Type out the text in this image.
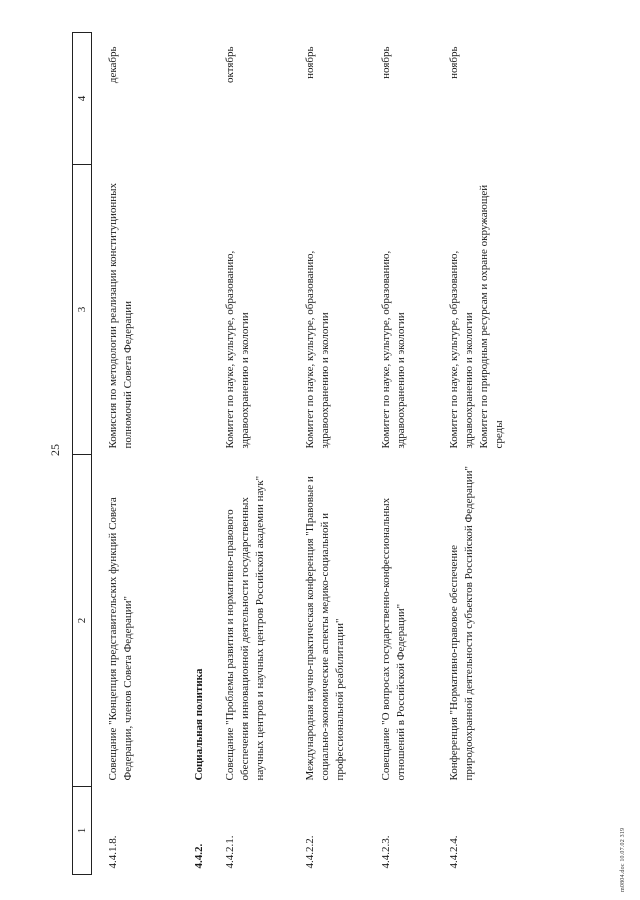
25
1	2	3	4
4.4.1.8.	Совещание "Концепция представительских функций Совета Федерации, членов Совета Федерации"	Комиссия по методологии реализации конституционных полномочий Совета Федерации	декабрь
4.4.2.	Социальная политика		
4.4.2.1.	Совещание "Проблемы развития и нормативно-правового обеспечения инновационной деятельности государственных научных центров и научных центров Российской академии наук"	Комитет по науке, культуре, образованию, здравоохранению и экологии	октябрь
4.4.2.2.	Международная научно-практическая конференция "Правовые и социально-экономические аспекты медико-социальной и профессиональной реабилитации"	Комитет по науке, культуре, образованию, здравоохранению и экологии	ноябрь
4.4.2.3.	Совещание "О вопросах государственно-конфессиональных отношений в Российской Федерации"	Комитет по науке, культуре, образованию, здравоохранению и экологии	ноябрь
4.4.2.4.	Конференция "Нормативно-правовое обеспечение природоохранной деятельности субъектов Российской Федерации"	Комитет по науке, культуре, образованию, здравоохранению и экологии Комитет по природным ресурсам и охране окружающей среды	ноябрь
m0804.doc 10.07.02 319
